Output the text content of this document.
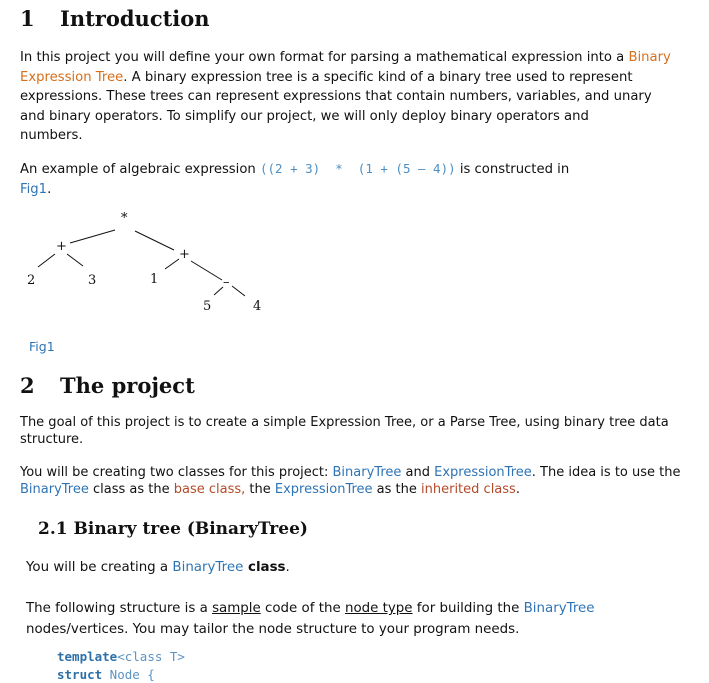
1 Introduction
In this project you will define your own format for parsing a mathematical expression into a Binary
Expression Tree. A binary expression tree is a specific kind of a binary tree used to represent
expressions. These trees can represent expressions that contain numbers, variables, and unary
and binary operators. To simplify our project, we will only deploy binary operators and
numbers.
An example of algebraic expression ((2 + 3)  *  (1 + (5 – 4)) is constructed in
Fig1.
*
+
2	3
+
1	–
5	4
Fig1
2 The project
The goal of this project is to create a simple Expression Tree, or a Parse Tree, using binary tree data structure.
You will be creating two classes for this project: BinaryTree and ExpressionTree. The idea is to use the BinaryTree class as the base class, the ExpressionTree as the inherited class.
2.1 Binary tree (BinaryTree)
You will be creating a BinaryTree class.
The following structure is a sample code of the node type for building the BinaryTree
nodes/vertices. You may tailor the node structure to your program needs.
template<class T>
struct Node {
